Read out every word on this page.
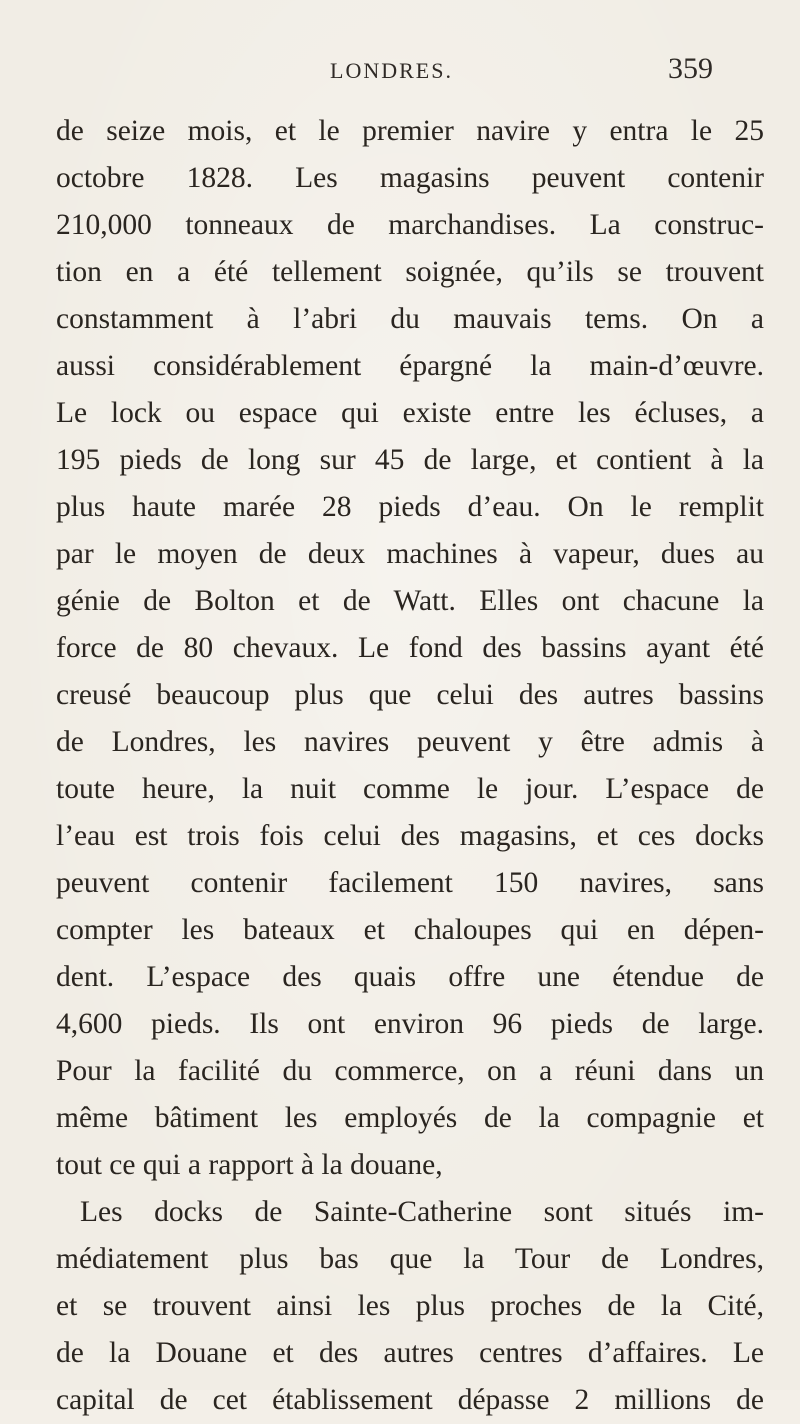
LONDRES.	359
de seize mois, et le premier navire y entra le 25
octobre 1828. Les magasins peuvent contenir
210,000 tonneaux de marchandises. La construc-
tion en a été tellement soignée, qu’ils se trouvent
constamment à l’abri du mauvais tems. On a
aussi considérablement épargné la main-d’œuvre.
Le lock ou espace qui existe entre les écluses, a
195 pieds de long sur 45 de large, et contient à la
plus haute marée 28 pieds d’eau. On le remplit
par le moyen de deux machines à vapeur, dues au
génie de Bolton et de Watt. Elles ont chacune la
force de 80 chevaux. Le fond des bassins ayant été
creusé beaucoup plus que celui des autres bassins
de Londres, les navires peuvent y être admis à
toute heure, la nuit comme le jour. L’espace de
l’eau est trois fois celui des magasins, et ces docks
peuvent contenir facilement 150 navires, sans
compter les bateaux et chaloupes qui en dépen-
dent. L’espace des quais offre une étendue de
4,600 pieds. Ils ont environ 96 pieds de large.
Pour la facilité du commerce, on a réuni dans un
même bâtiment les employés de la compagnie et
tout ce qui a rapport à la douane,
Les docks de Sainte-Catherine sont situés im-
médiatement plus bas que la Tour de Londres,
et se trouvent ainsi les plus proches de la Cité,
de la Douane et des autres centres d’affaires. Le
capital de cet établissement dépasse 2 millions de
